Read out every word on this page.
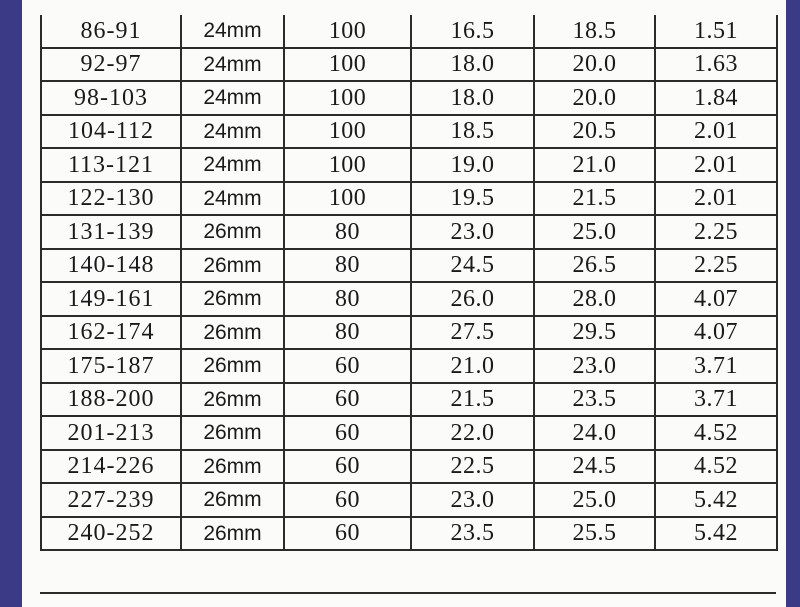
86-91	24mm	100	16.5	18.5	1.51
92-97	24mm	100	18.0	20.0	1.63
98-103	24mm	100	18.0	20.0	1.84
104-112	24mm	100	18.5	20.5	2.01
113-121	24mm	100	19.0	21.0	2.01
122-130	24mm	100	19.5	21.5	2.01
131-139	26mm	80	23.0	25.0	2.25
140-148	26mm	80	24.5	26.5	2.25
149-161	26mm	80	26.0	28.0	4.07
162-174	26mm	80	27.5	29.5	4.07
175-187	26mm	60	21.0	23.0	3.71
188-200	26mm	60	21.5	23.5	3.71
201-213	26mm	60	22.0	24.0	4.52
214-226	26mm	60	22.5	24.5	4.52
227-239	26mm	60	23.0	25.0	5.42
240-252	26mm	60	23.5	25.5	5.42
